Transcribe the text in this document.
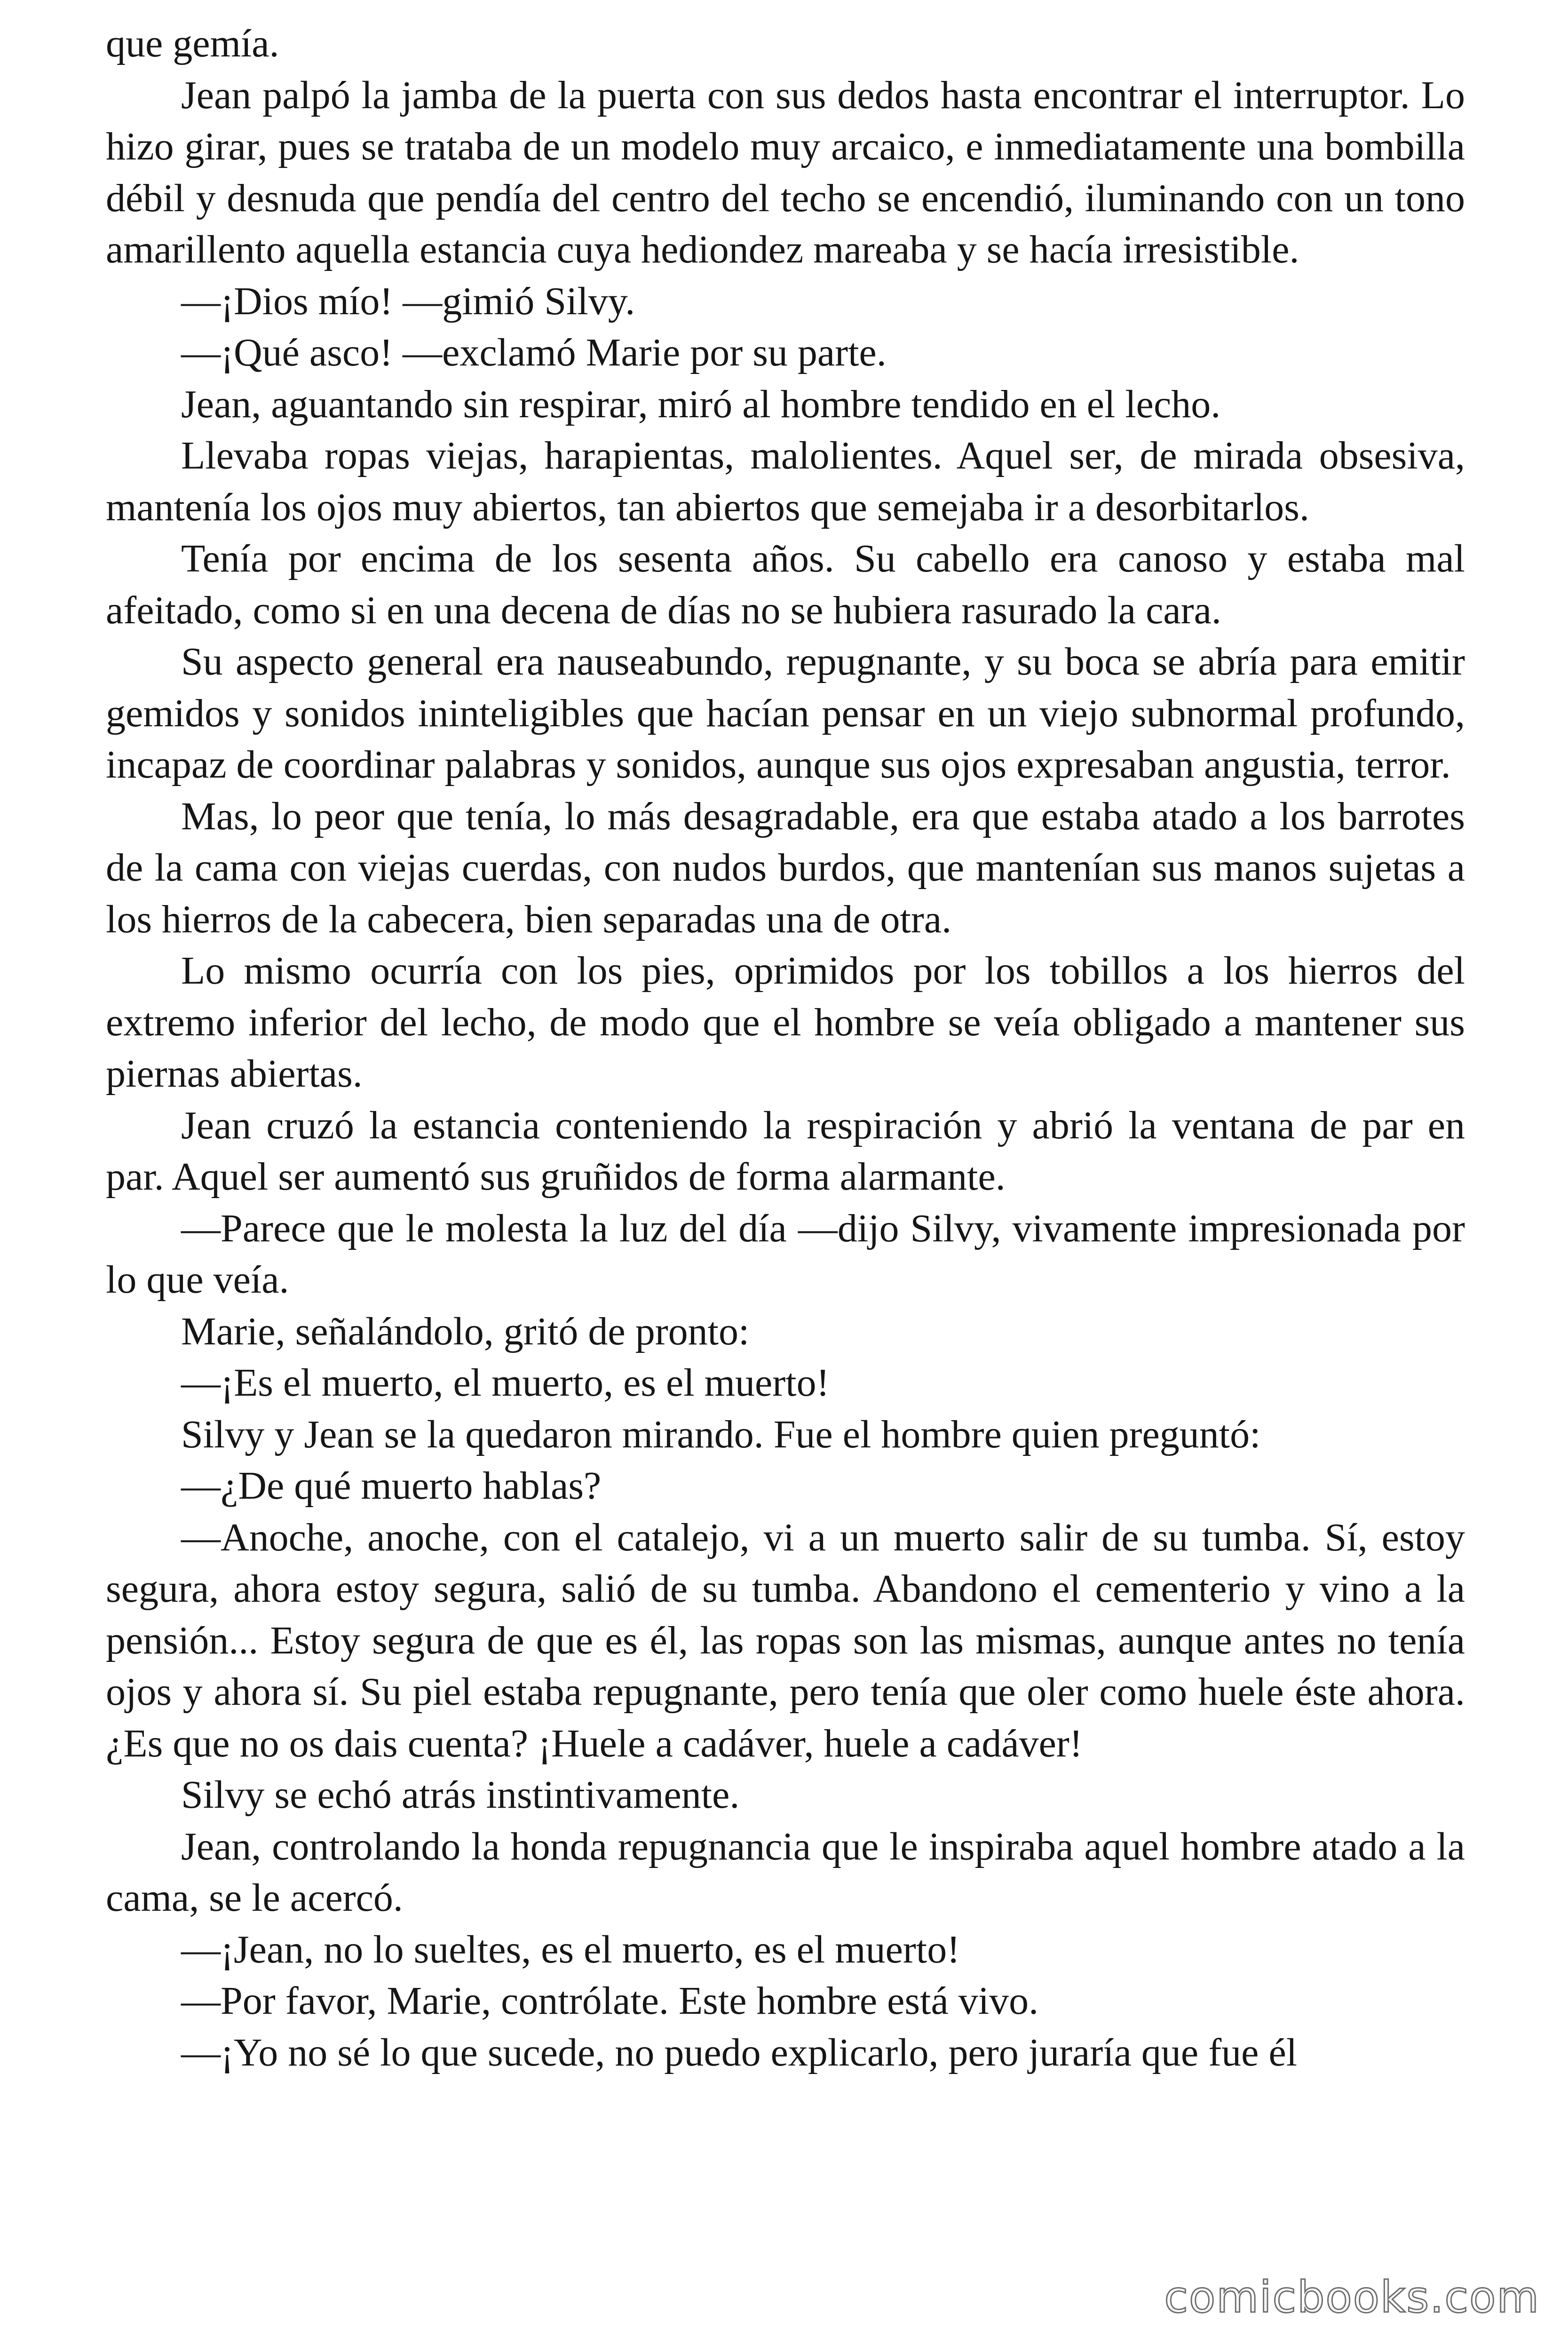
que gemía.

Jean palpó la jamba de la puerta con sus dedos hasta encontrar el interruptor. Lo hizo girar, pues se trataba de un modelo muy arcaico, e inmediatamente una bombilla débil y desnuda que pendía del centro del techo se encendió, iluminando con un tono amarillento aquella estancia cuya hediondez mareaba y se hacía irresistible.

—¡Dios mío! —gimió Silvy.

—¡Qué asco! —exclamó Marie por su parte.

Jean, aguantando sin respirar, miró al hombre tendido en el lecho.

Llevaba ropas viejas, harapientas, malolientes. Aquel ser, de mirada obsesiva, mantenía los ojos muy abiertos, tan abiertos que semejaba ir a desorbitarlos.

Tenía por encima de los sesenta años. Su cabello era canoso y estaba mal afeitado, como si en una decena de días no se hubiera rasurado la cara.

Su aspecto general era nauseabundo, repugnante, y su boca se abría para emitir gemidos y sonidos ininteligibles que hacían pensar en un viejo subnormal profundo, incapaz de coordinar palabras y sonidos, aunque sus ojos expresaban angustia, terror.

Mas, lo peor que tenía, lo más desagradable, era que estaba atado a los barrotes de la cama con viejas cuerdas, con nudos burdos, que mantenían sus manos sujetas a los hierros de la cabecera, bien separadas una de otra.

Lo mismo ocurría con los pies, oprimidos por los tobillos a los hierros del extremo inferior del lecho, de modo que el hombre se veía obligado a mantener sus piernas abiertas.

Jean cruzó la estancia conteniendo la respiración y abrió la ventana de par en par. Aquel ser aumentó sus gruñidos de forma alarmante.

—Parece que le molesta la luz del día —dijo Silvy, vivamente impresionada por lo que veía.

Marie, señalándolo, gritó de pronto:

—¡Es el muerto, el muerto, es el muerto!

Silvy y Jean se la quedaron mirando. Fue el hombre quien preguntó:

—¿De qué muerto hablas?

—Anoche, anoche, con el catalejo, vi a un muerto salir de su tumba. Sí, estoy segura, ahora estoy segura, salió de su tumba. Abandono el cementerio y vino a la pensión... Estoy segura de que es él, las ropas son las mismas, aunque antes no tenía ojos y ahora sí. Su piel estaba repugnante, pero tenía que oler como huele éste ahora. ¿Es que no os dais cuenta? ¡Huele a cadáver, huele a cadáver!

Silvy se echó atrás instintivamente.

Jean, controlando la honda repugnancia que le inspiraba aquel hombre atado a la cama, se le acercó.

—¡Jean, no lo sueltes, es el muerto, es el muerto!

—Por favor, Marie, contrólate. Este hombre está vivo.

—¡Yo no sé lo que sucede, no puedo explicarlo, pero juraría que fue él

comicbooks.com
